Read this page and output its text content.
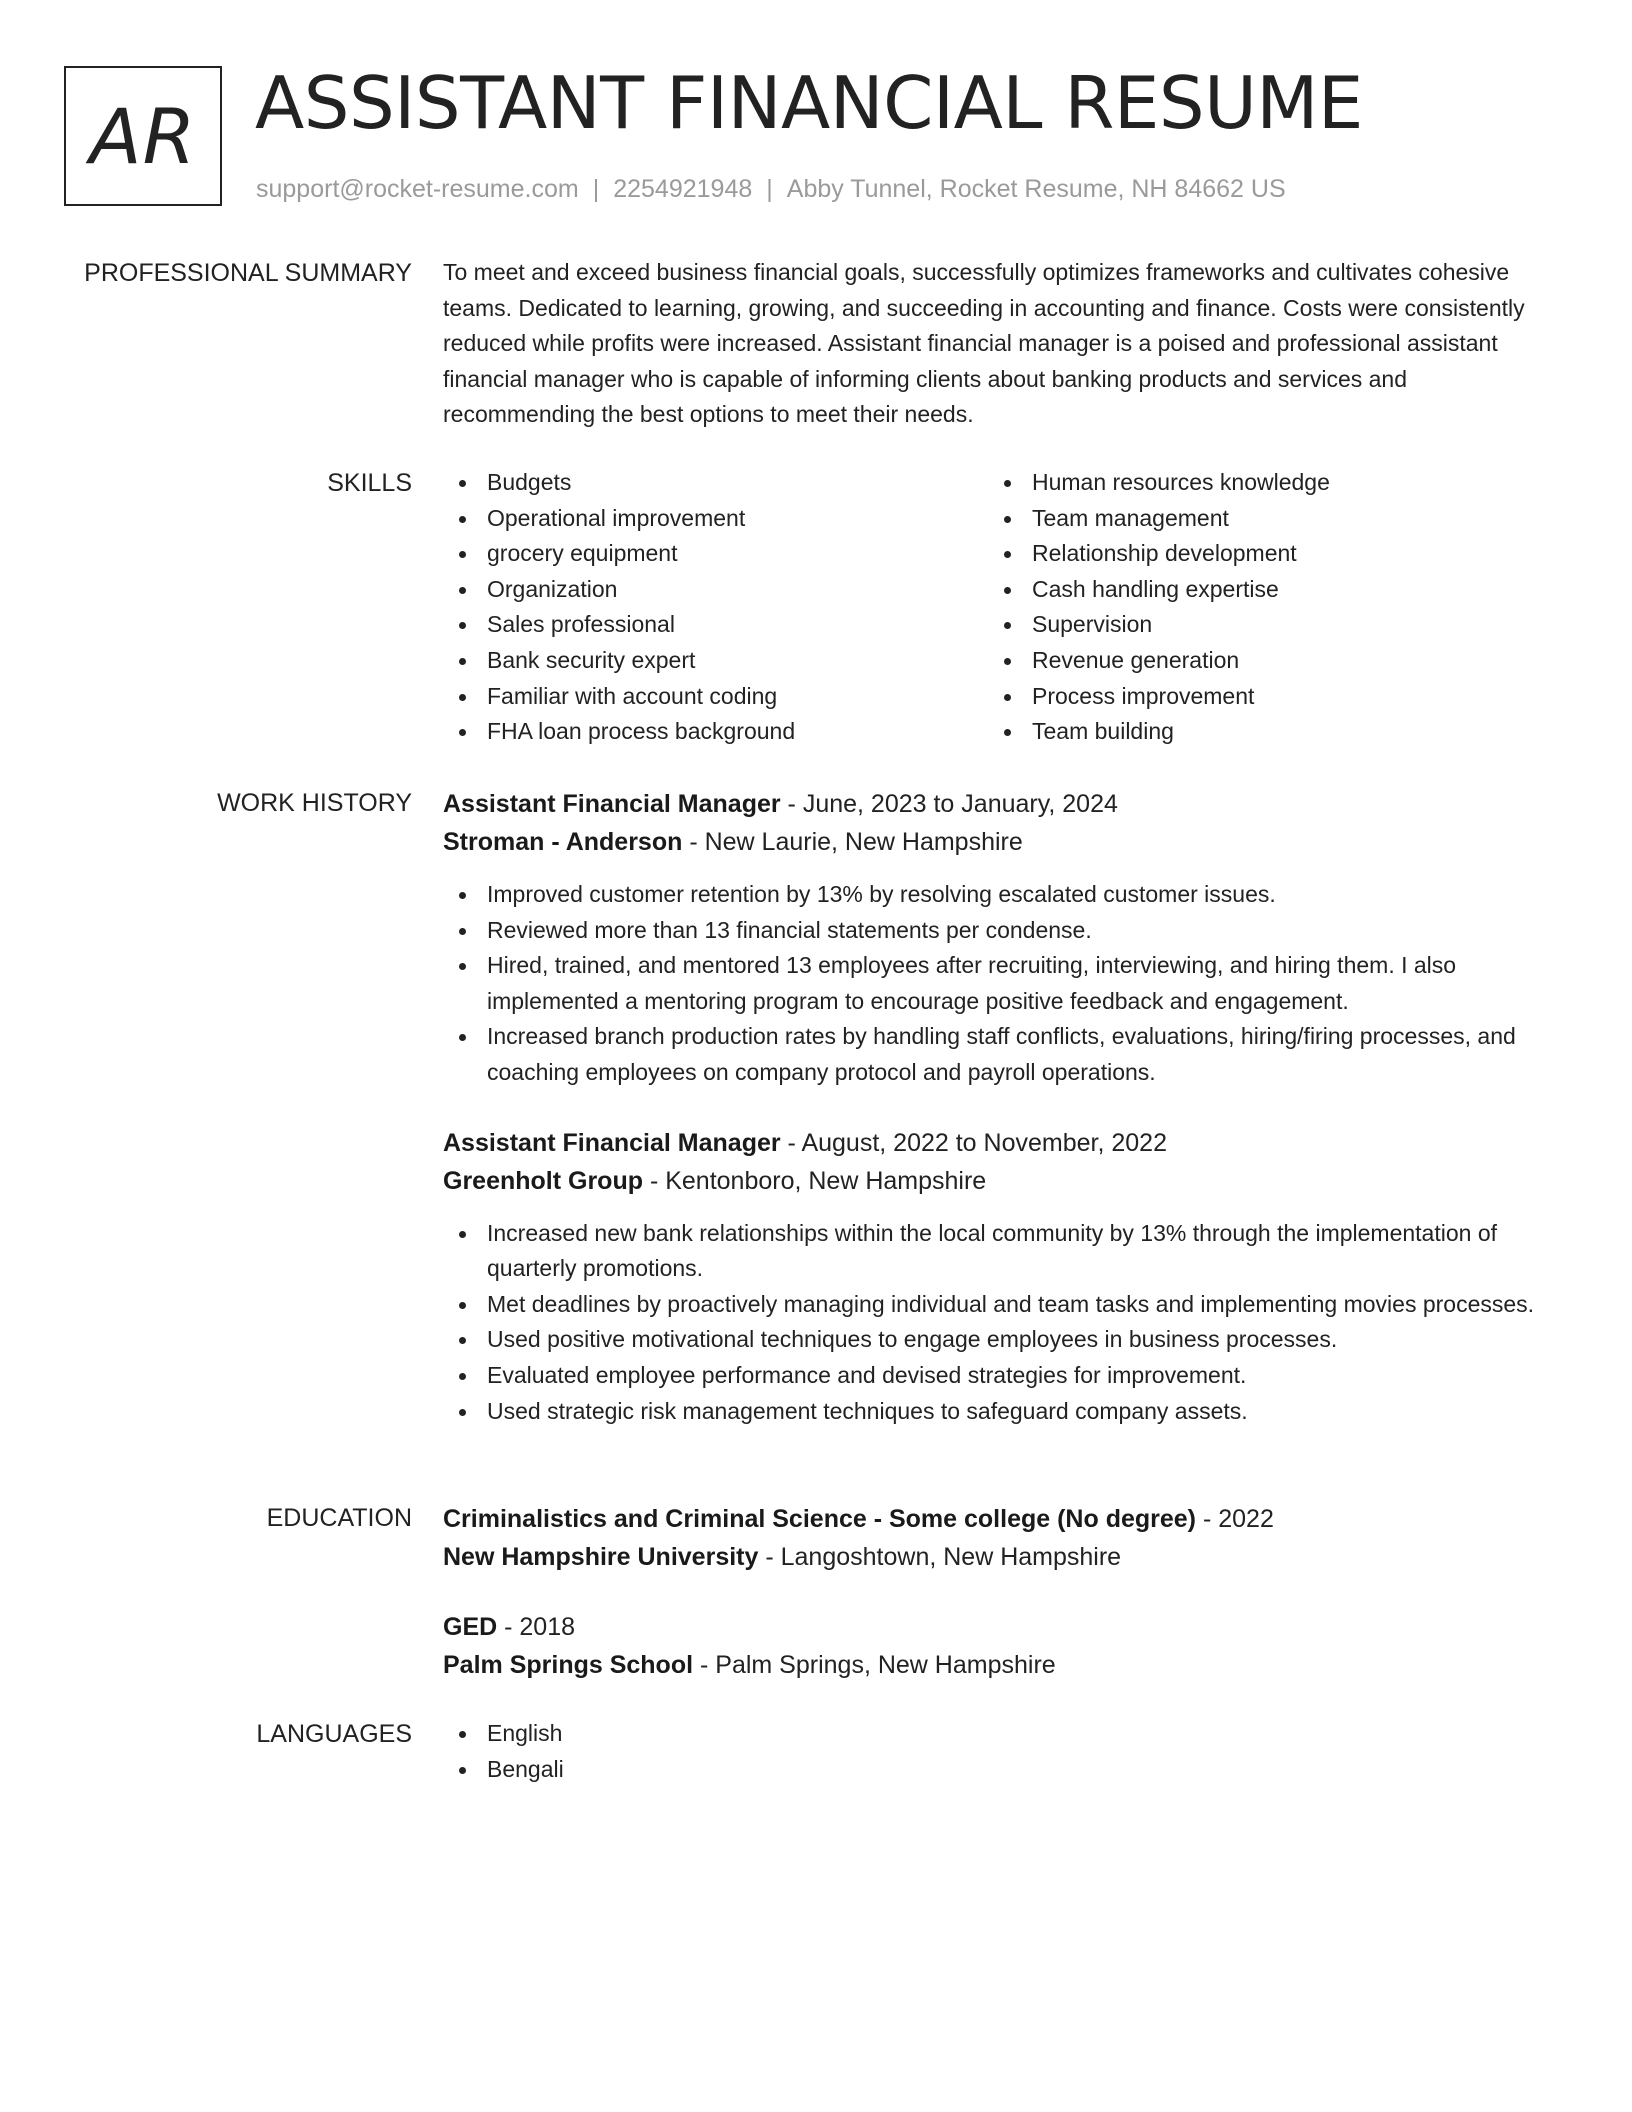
AR ASSISTANT FINANCIAL RESUME
support@rocket-resume.com | 2254921948 | Abby Tunnel, Rocket Resume, NH 84662 US
PROFESSIONAL SUMMARY To meet and exceed business financial goals, successfully optimizes frameworks and cultivates cohesive teams. Dedicated to learning, growing, and succeeding in accounting and finance. Costs were consistently reduced while profits were increased. Assistant financial manager is a poised and professional assistant financial manager who is capable of informing clients about banking products and services and recommending the best options to meet their needs.

SKILLS	Budgets
Operational improvement
grocery equipment
Organization
Sales professional
Bank security expert
Familiar with account coding
FHA loan process background
Human resources knowledge
Team management
Relationship development
Cash handling expertise
Supervision
Revenue generation
Process improvement
Team building
WORK HISTORY Assistant Financial Manager - June, 2023 to January, 2024
Stroman - Anderson - New Laurie, New Hampshire
Improved customer retention by 13% by resolving escalated customer issues.
Reviewed more than 13 financial statements per condense.
Hired, trained, and mentored 13 employees after recruiting, interviewing, and hiring them. I also implemented a mentoring program to encourage positive feedback and engagement.
Increased branch production rates by handling staff conflicts, evaluations, hiring/firing processes, and coaching employees on company protocol and payroll operations.
Assistant Financial Manager - August, 2022 to November, 2022
Greenholt Group - Kentonboro, New Hampshire
Increased new bank relationships within the local community by 13% through the implementation of quarterly promotions.
Met deadlines by proactively managing individual and team tasks and implementing movies processes.
Used positive motivational techniques to engage employees in business processes.
Evaluated employee performance and devised strategies for improvement.
Used strategic risk management techniques to safeguard company assets.
EDUCATION Criminalistics and Criminal Science - Some college (No degree) - 2022
New Hampshire University - Langoshtown, New Hampshire
GED - 2018
Palm Springs School - Palm Springs, New Hampshire
LANGUAGES	English
Bengali
